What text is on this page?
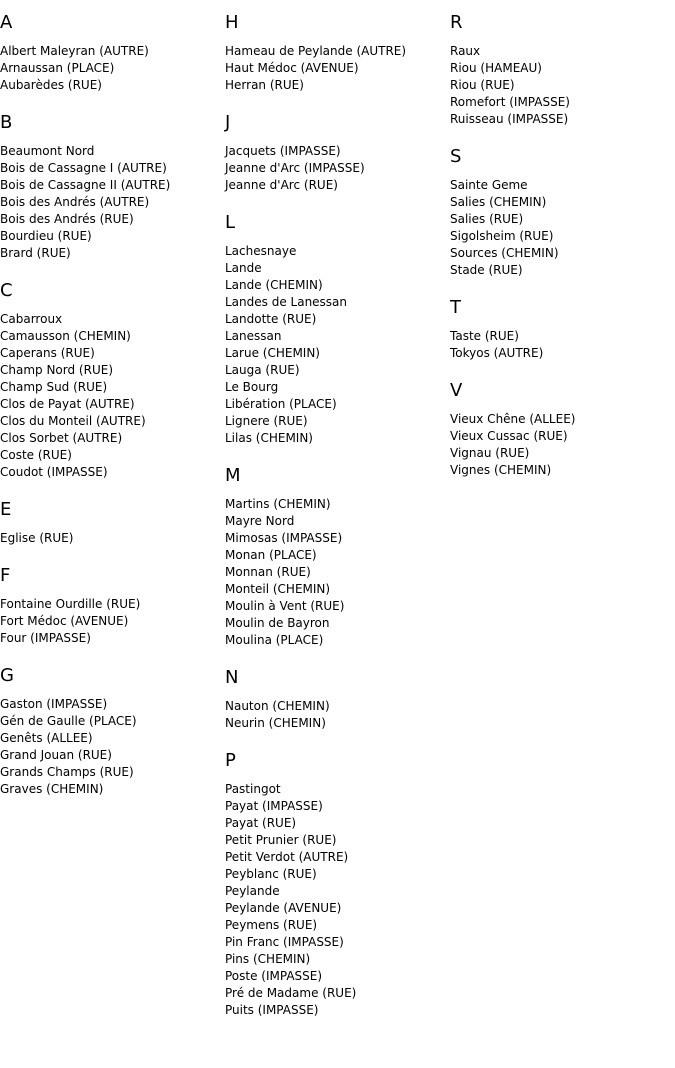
A
Albert Maleyran (AUTRE)
Arnaussan (PLACE)
Aubarèdes (RUE)
B
Beaumont Nord
Bois de Cassagne I (AUTRE)
Bois de Cassagne II (AUTRE)
Bois des Andrés (AUTRE)
Bois des Andrés (RUE)
Bourdieu (RUE)
Brard (RUE)
C
Cabarroux
Camausson (CHEMIN)
Caperans (RUE)
Champ Nord (RUE)
Champ Sud (RUE)
Clos de Payat (AUTRE)
Clos du Monteil (AUTRE)
Clos Sorbet (AUTRE)
Coste (RUE)
Coudot (IMPASSE)
E
Eglise (RUE)
F
Fontaine Ourdille (RUE)
Fort Médoc (AVENUE)
Four (IMPASSE)
G
Gaston (IMPASSE)
Gén de Gaulle (PLACE)
Genêts (ALLEE)
Grand Jouan (RUE)
Grands Champs (RUE)
Graves (CHEMIN)
H
Hameau de Peylande (AUTRE)
Haut Médoc (AVENUE)
Herran (RUE)
J
Jacquets (IMPASSE)
Jeanne d'Arc (IMPASSE)
Jeanne d'Arc (RUE)
L
Lachesnaye
Lande
Lande (CHEMIN)
Landes de Lanessan
Landotte (RUE)
Lanessan
Larue (CHEMIN)
Lauga (RUE)
Le Bourg
Libération (PLACE)
Lignere (RUE)
Lilas (CHEMIN)
M
Martins (CHEMIN)
Mayre Nord
Mimosas (IMPASSE)
Monan (PLACE)
Monnan (RUE)
Monteil (CHEMIN)
Moulin à Vent (RUE)
Moulin de Bayron
Moulina (PLACE)
N
Nauton (CHEMIN)
Neurin (CHEMIN)
P
Pastingot
Payat (IMPASSE)
Payat (RUE)
Petit Prunier (RUE)
Petit Verdot (AUTRE)
Peyblanc (RUE)
Peylande
Peylande (AVENUE)
Peymens (RUE)
Pin Franc (IMPASSE)
Pins (CHEMIN)
Poste (IMPASSE)
Pré de Madame (RUE)
Puits (IMPASSE)
R
Raux
Riou (HAMEAU)
Riou (RUE)
Romefort (IMPASSE)
Ruisseau (IMPASSE)
S
Sainte Geme
Salies (CHEMIN)
Salies (RUE)
Sigolsheim (RUE)
Sources (CHEMIN)
Stade (RUE)
T
Taste (RUE)
Tokyos (AUTRE)
V
Vieux Chêne (ALLEE)
Vieux Cussac (RUE)
Vignau (RUE)
Vignes (CHEMIN)
